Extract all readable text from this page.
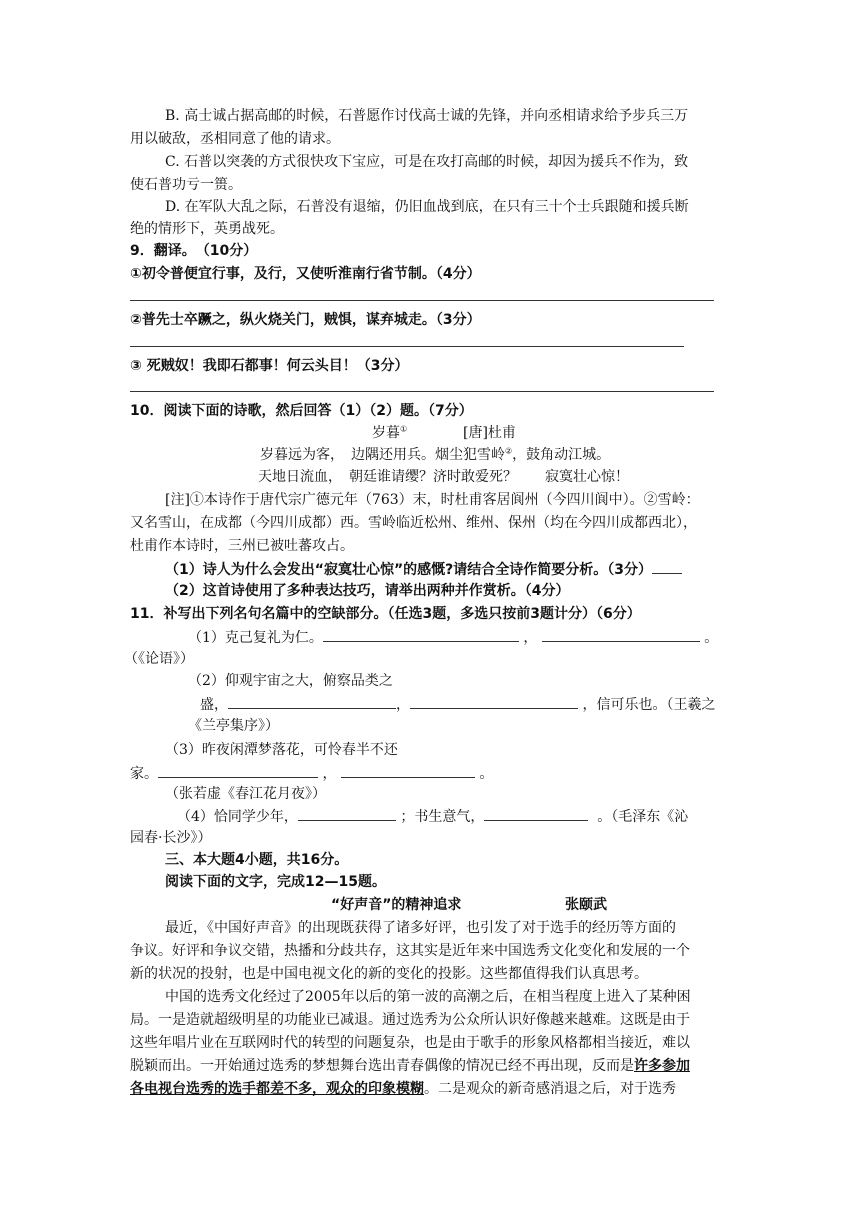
B. 高士诚占据高邮的时候，石普愿作讨伐高士诚的先锋，并向丞相请求给予步兵三万
用以破敌，丞相同意了他的请求。
C. 石普以突袭的方式很快攻下宝应，可是在攻打高邮的时候，却因为援兵不作为，致
使石普功亏一篑。
D. 在军队大乱之际，石普没有退缩，仍旧血战到底，在只有三十个士兵跟随和援兵断
绝的情形下，英勇战死。
9．翻译。　（10分）
①初令普便宜行事，及行，又使听淮南行省节制。（4分）
②普先士卒蹶之，纵火烧关门，贼惧，谋弃城走。（3分）
③ 死贼奴！我即石都事！何云头目！（3分）
10．阅读下面的诗歌，然后回答（1）（2）题。（7分）
岁暮①	[唐]杜甫
岁暮远为客，　边隅还用兵。烟尘犯雪岭②，鼓角动江城。
天地日流血，　朝廷谁请缨？济时敢爱死？　　寂寞壮心惊！
[注]①本诗作于唐代宗广德元年（763）末，时杜甫客居阆州（今四川阆中）。②雪岭：
又名雪山，在成都（今四川成都）西。雪岭临近松州、维州、保州（均在今四川成都西北），
杜甫作本诗时，三州已被吐蕃攻占。
（1）诗人为什么会发出“寂寞壮心惊”的感慨?请结合全诗作简要分析。（3分）
（2）这首诗使用了多种表达技巧，请举出两种并作赏析。（4分）
11．补写出下列名句名篇中的空缺部分。（任选3题，多选只按前3题计分）（6分）
（1）克己复礼为仁。	，	。
（《论语》）
（2）仰观宇宙之大，俯察品类之
盛，	，	，信可乐也。（王羲之
《兰亭集序》）
（3）昨夜闲潭梦落花，可怜春半不还
家。	，	。
（张若虚《春江花月夜》）
（4）恰同学少年，	；书生意气，	。（毛泽东《沁
园春·长沙》）
三、本大题4小题，共16分。
阅读下面的文字，完成12—15题。
“好声音”的精神追求	张颐武
最近，《中国好声音》的出现既获得了诸多好评，也引发了对于选手的经历等方面的
争议。好评和争议交错，热播和分歧共存，这其实是近年来中国选秀文化变化和发展的一个
新的状况的投射，也是中国电视文化的新的变化的投影。这些都值得我们认真思考。
中国的选秀文化经过了2005年以后的第一波的高潮之后，在相当程度上进入了某种困
局。一是造就超级明星的功能业已减退。通过选秀为公众所认识好像越来越难。这既是由于
这些年唱片业在互联网时代的转型的问题复杂，也是由于歌手的形象风格都相当接近，难以
脱颖而出。一开始通过选秀的梦想舞台选出青春偶像的情况已经不再出现，反而是许多参加
各电视台选秀的选手都差不多，观众的印象模糊。二是观众的新奇感消退之后，对于选秀
